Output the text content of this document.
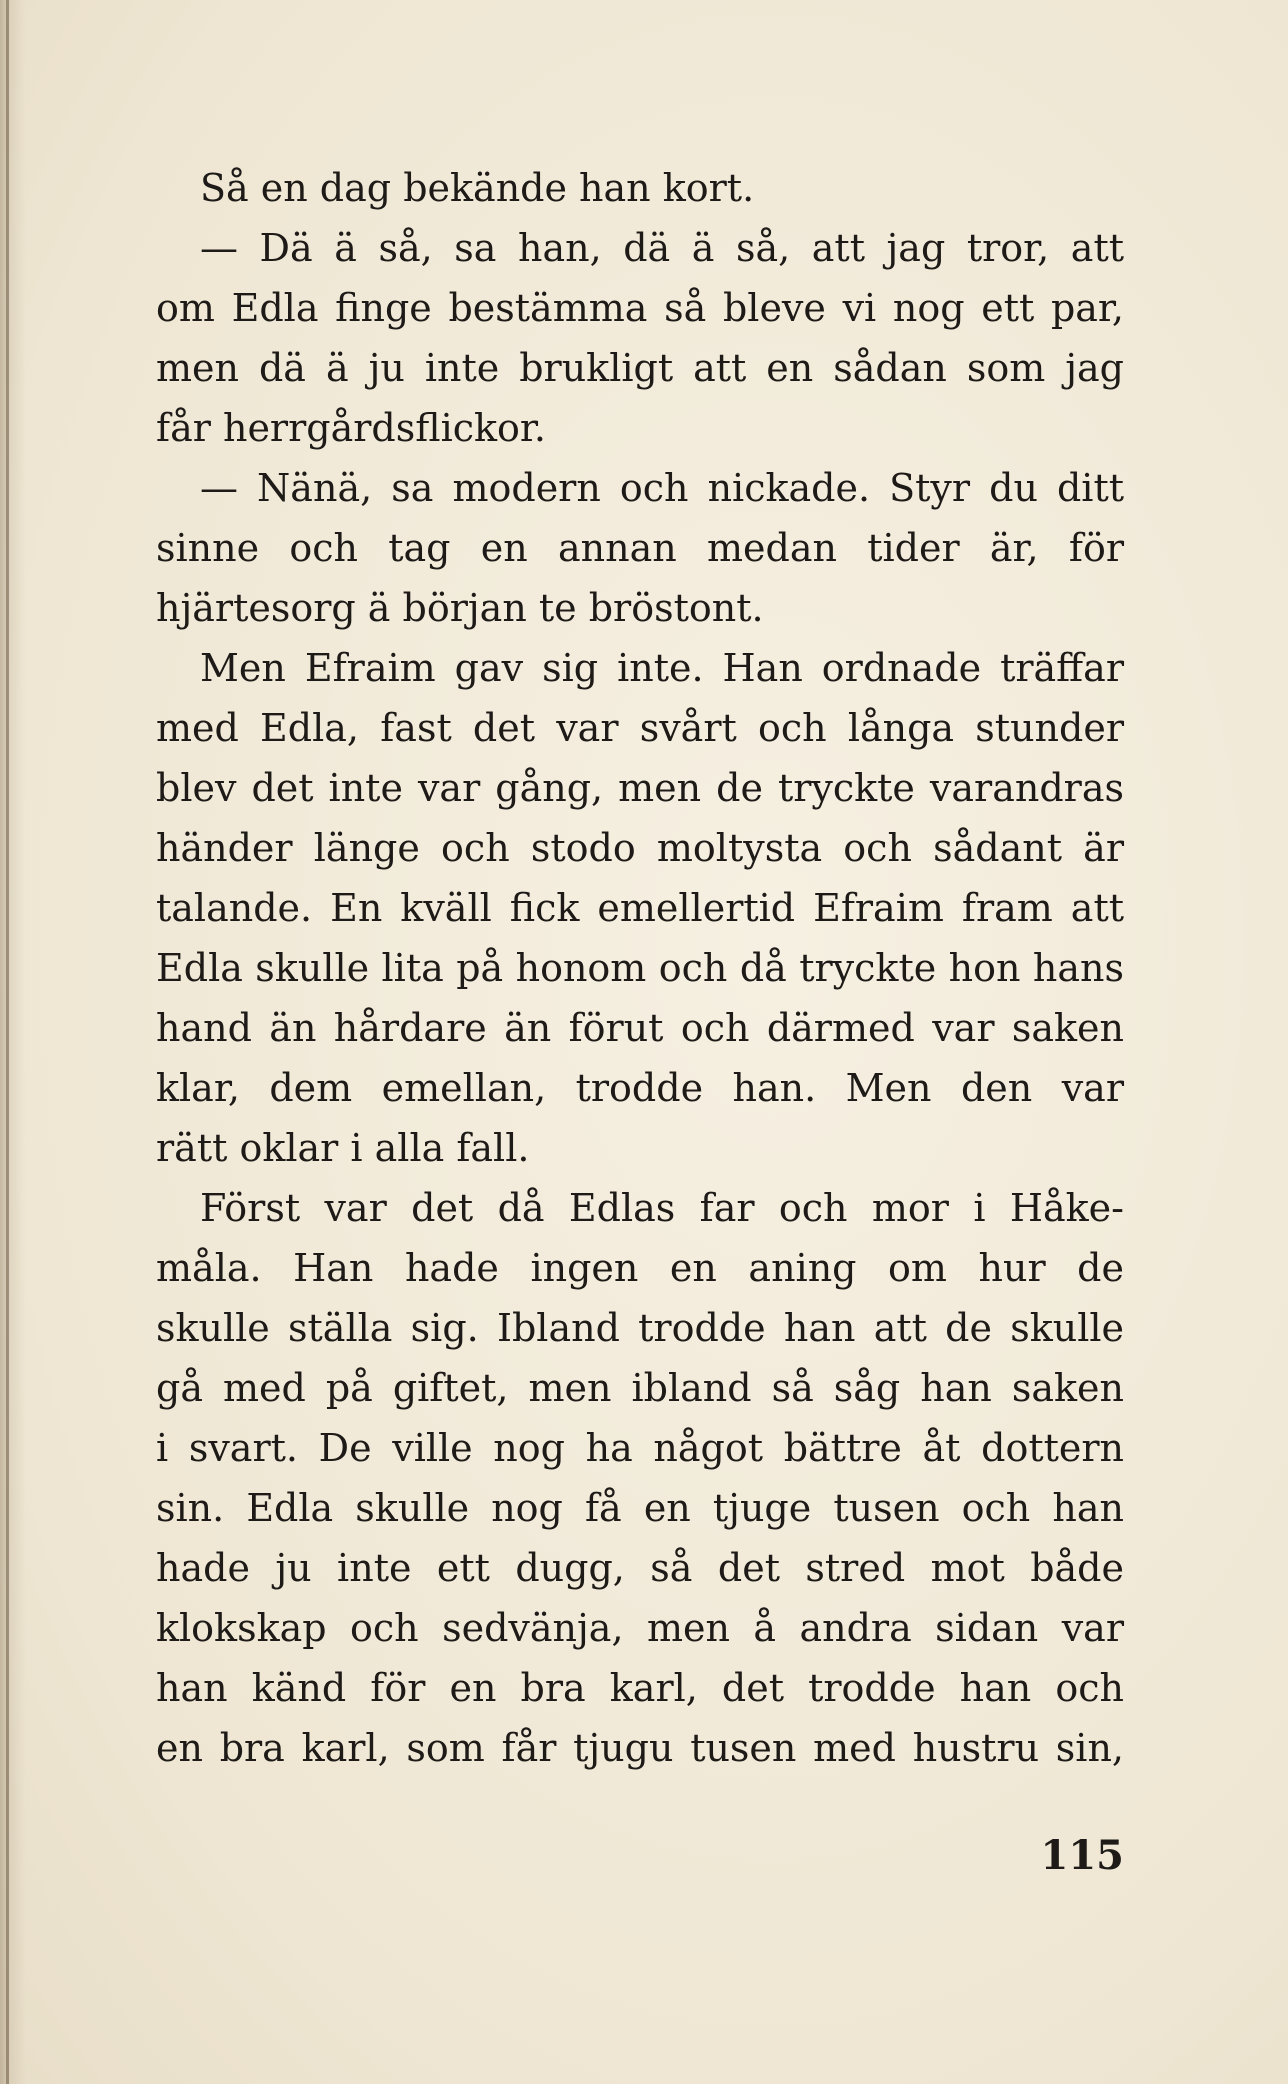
Så en dag bekände han kort.
— Dä ä så, sa han, dä ä så, att jag tror, att
om Edla finge bestämma så bleve vi nog ett par,
men dä ä ju inte brukligt att en sådan som jag
får herrgårdsflickor.
— Nänä, sa modern och nickade. Styr du ditt
sinne och tag en annan medan tider är, för
hjärtesorg ä början te bröstont.
Men Efraim gav sig inte. Han ordnade träffar
med Edla, fast det var svårt och långa stunder
blev det inte var gång, men de tryckte varandras
händer länge och stodo moltysta och sådant är
talande. En kväll fick emellertid Efraim fram att
Edla skulle lita på honom och då tryckte hon hans
hand än hårdare än förut och därmed var saken
klar, dem emellan, trodde han. Men den var
rätt oklar i alla fall.
Först var det då Edlas far och mor i Håke-
måla. Han hade ingen en aning om hur de
skulle ställa sig. Ibland trodde han att de skulle
gå med på giftet, men ibland så såg han saken
i svart. De ville nog ha något bättre åt dottern
sin. Edla skulle nog få en tjuge tusen och han
hade ju inte ett dugg, så det stred mot både
klokskap och sedvänja, men å andra sidan var
han känd för en bra karl, det trodde han och
en bra karl, som får tjugu tusen med hustru sin,
115
